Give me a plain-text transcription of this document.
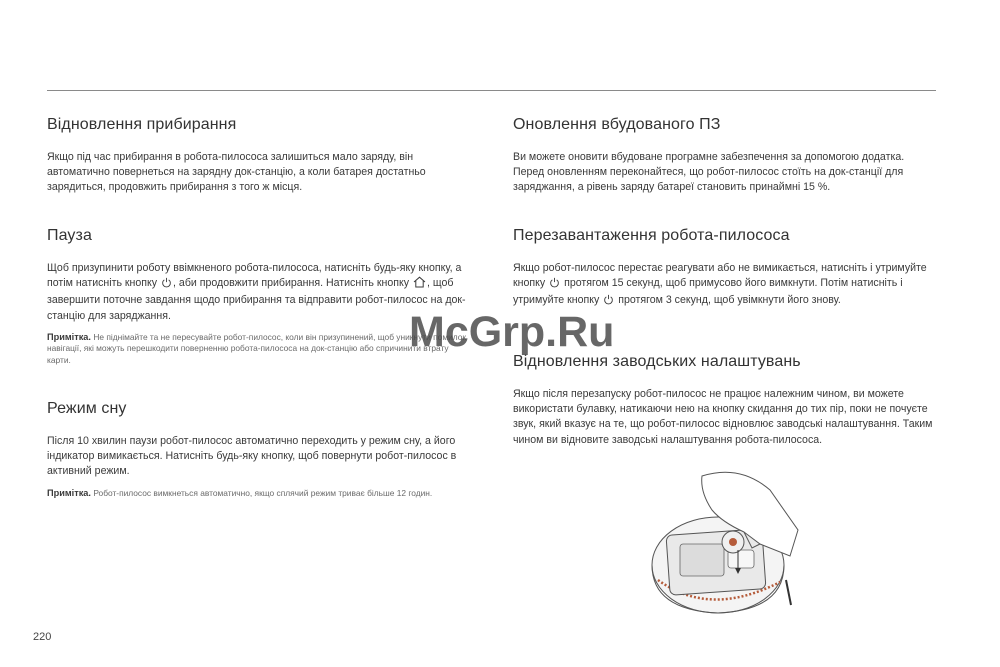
Відновлення прибирання

Якщо під час прибирання в робота-пилососа залишиться мало заряду, він автоматично повернеться на зарядну док-станцію, а коли батарея достатньо зарядиться, продовжить прибирання з того ж місця.

Пауза

Щоб призупинити роботу ввімкненого робота-пилососа, натисніть будь-яку кнопку, а потім натисніть кнопку , аби продовжити прибирання. Натисніть кнопку , щоб завершити поточне завдання щодо прибирання та відправити робот-пилосос на док-станцію для заряджання.

Примітка. Не піднімайте та не пересувайте робот-пилосос, коли він призупинений, щоб уникнути помилок навігації, які можуть перешкодити поверненню робота-пилососа на док-станцію або спричинити втрату карти.

Режим сну

Після 10 хвилин паузи робот-пилосос автоматично переходить у режим сну, а його індикатор вимикається. Натисніть будь-яку кнопку, щоб повернути робот-пилосос в активний режим.

Примітка. Робот-пилосос вимкнеться автоматично, якщо сплячий режим триває більше 12 годин.

Оновлення вбудованого ПЗ

Ви можете оновити вбудоване програмне забезпечення за допомогою додатка. Перед оновленням переконайтеся, що робот-пилосос стоїть на док-станції для заряджання, а рівень заряду батареї становить принаймні 15 %.

Перезавантаження робота-пилососа

Якщо робот-пилосос перестає реагувати або не вимикається, натисніть і утримуйте кнопку протягом 15 секунд, щоб примусово його вимкнути. Потім натисніть і утримуйте кнопку протягом 3 секунд, щоб увімкнути його знову.

Відновлення заводських налаштувань

Якщо після перезапуску робот-пилосос не працює належним чином, ви можете використати булавку, натикаючи нею на кнопку скидання до тих пір, поки не почуєте звук, який вказує на те, що робот-пилосос відновлює заводські налаштування. Таким чином ви відновите заводські налаштування робота-пилососа.

McGrp.Ru
220
